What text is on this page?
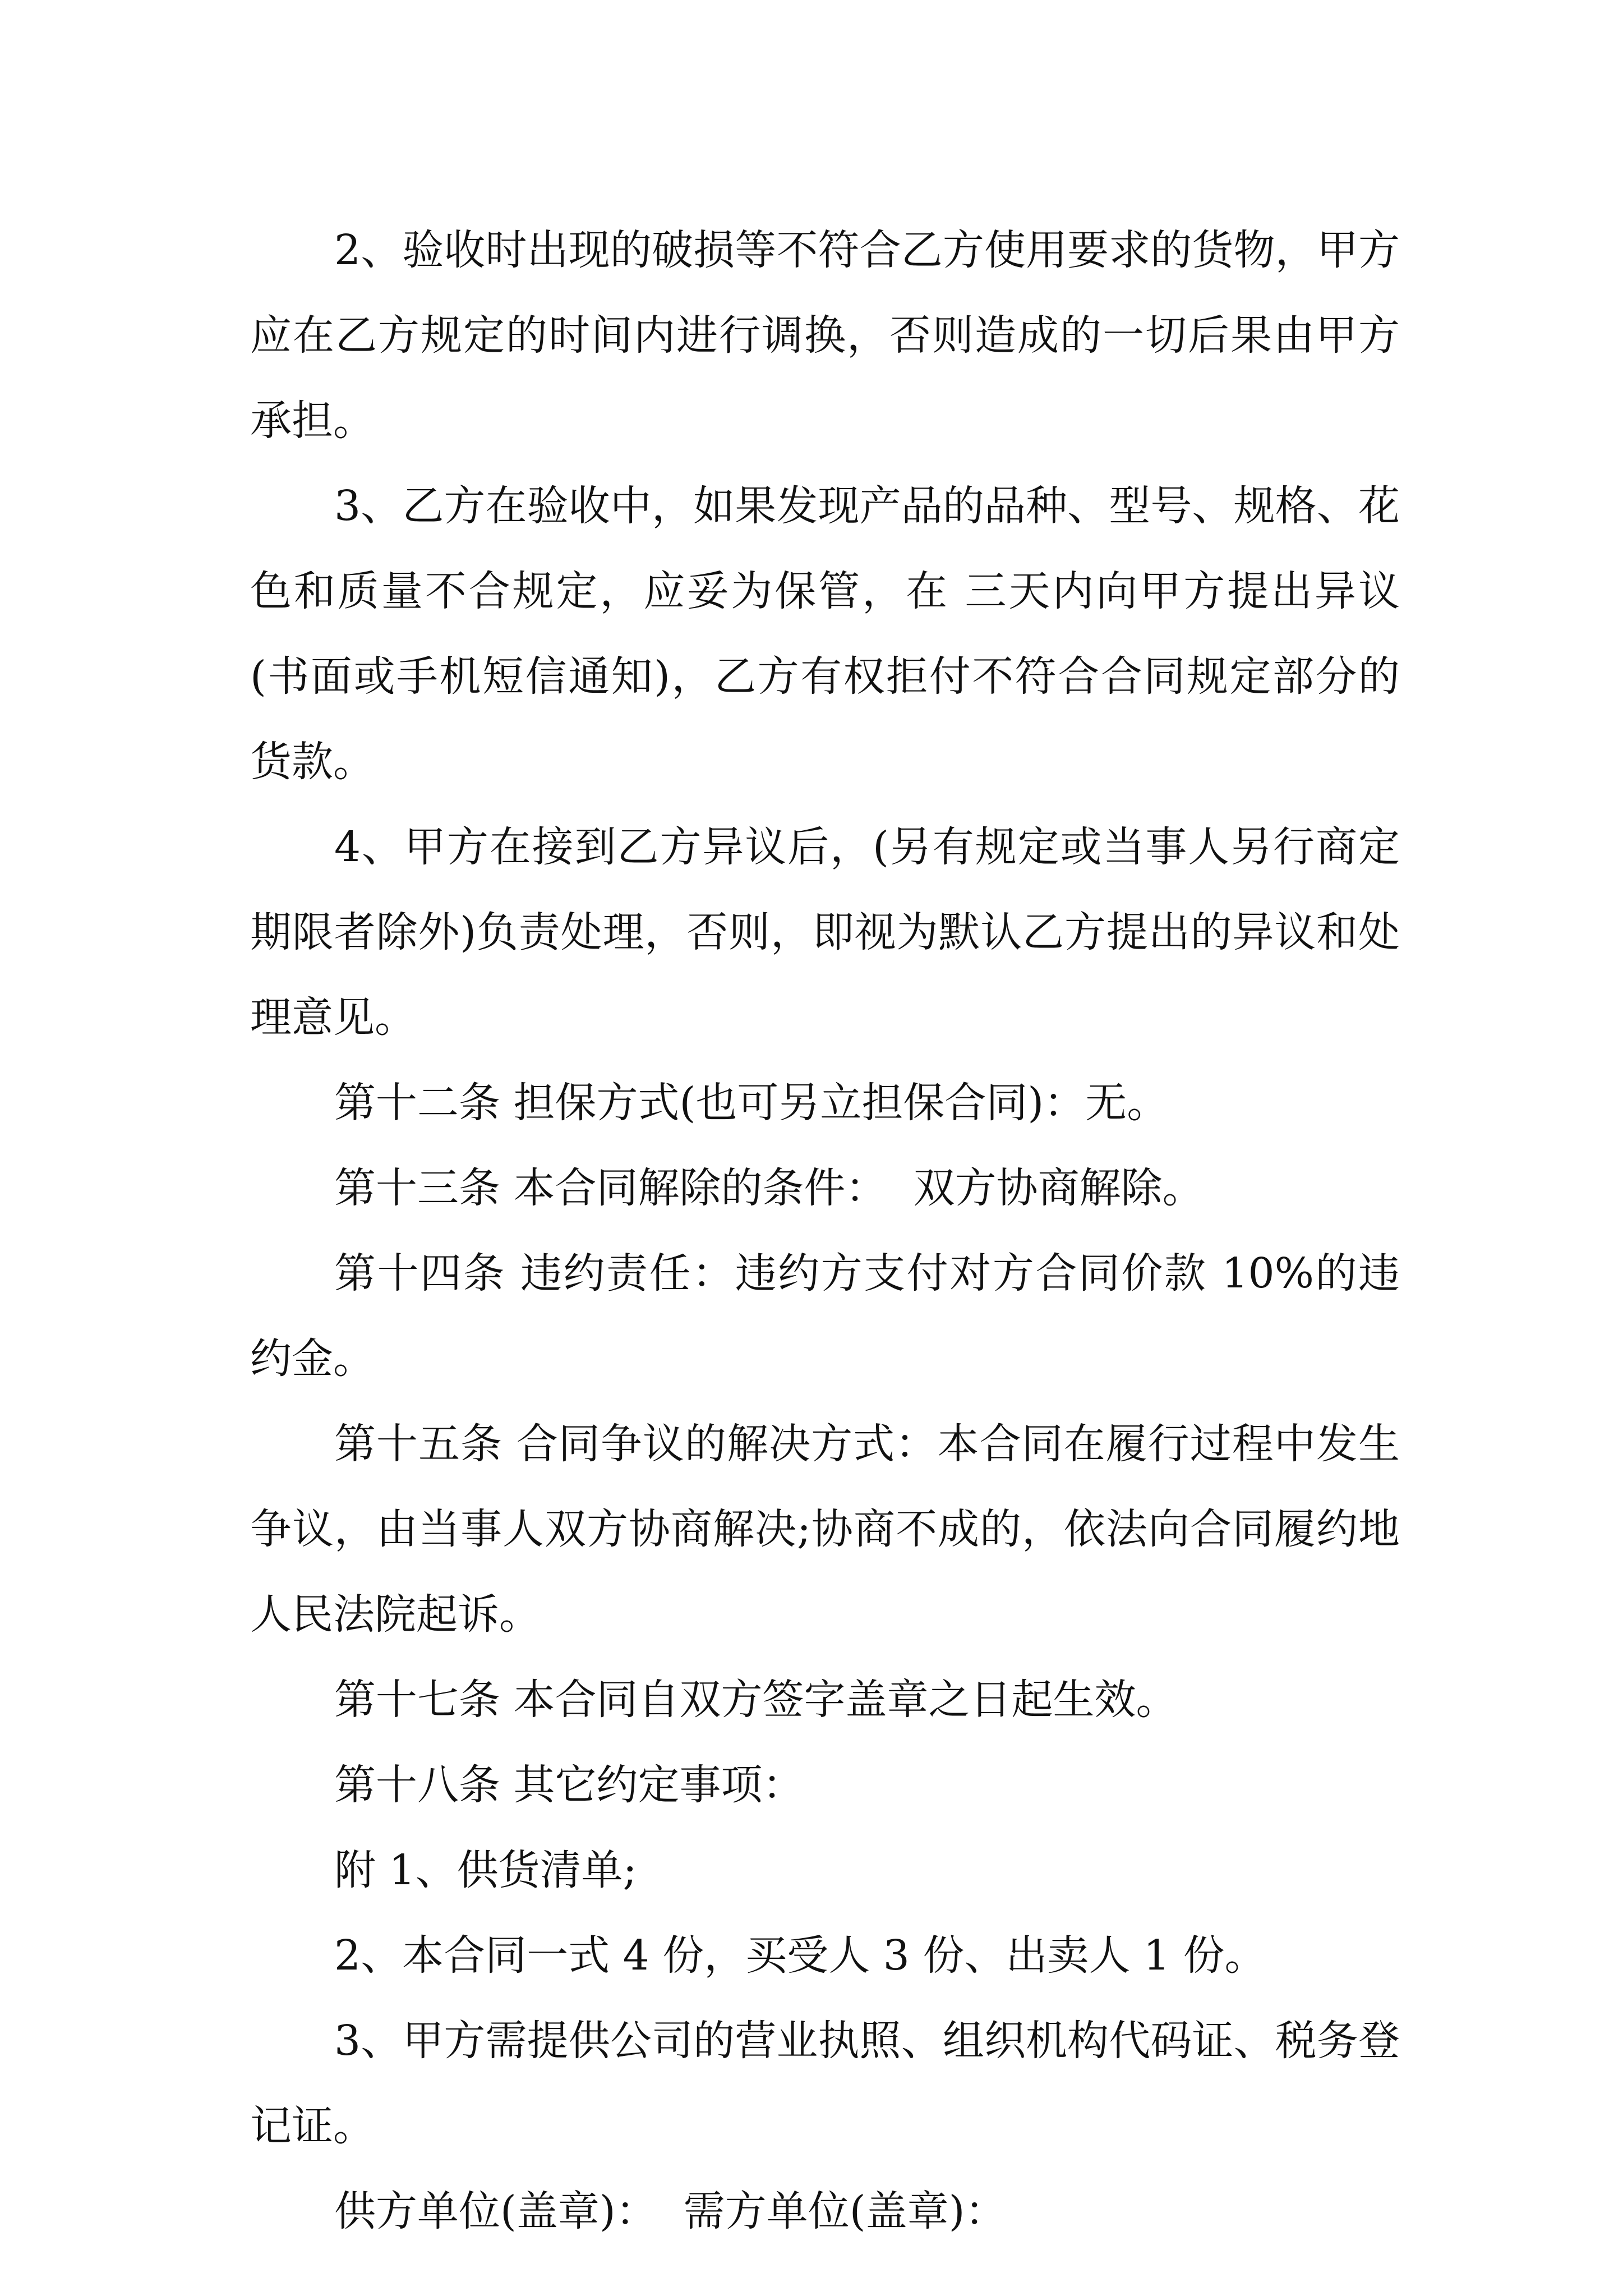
2、验收时出现的破损等不符合乙方使用要求的货物，甲方应在乙方规定的时间内进行调换，否则造成的一切后果由甲方承担。

3、乙方在验收中，如果发现产品的品种、型号、规格、花色和质量不合规定，应妥为保管，在 三天内向甲方提出异议(书面或手机短信通知)，乙方有权拒付不符合合同规定部分的货款。

4、甲方在接到乙方异议后，(另有规定或当事人另行商定期限者除外)负责处理，否则，即视为默认乙方提出的异议和处理意见。

第十二条 担保方式(也可另立担保合同)：无。

第十三条 本合同解除的条件：  双方协商解除。

第十四条 违约责任：违约方支付对方合同价款 10%的违约金。

第十五条 合同争议的解决方式：本合同在履行过程中发生争议，由当事人双方协商解决;协商不成的，依法向合同履约地人民法院起诉。

第十七条 本合同自双方签字盖章之日起生效。

第十八条 其它约定事项：

附 1、供货清单;

2、本合同一式 4 份，买受人 3 份、出卖人 1 份。

3、甲方需提供公司的营业执照、组织机构代码证、税务登记证。

供方单位(盖章)：  需方单位(盖章)：
